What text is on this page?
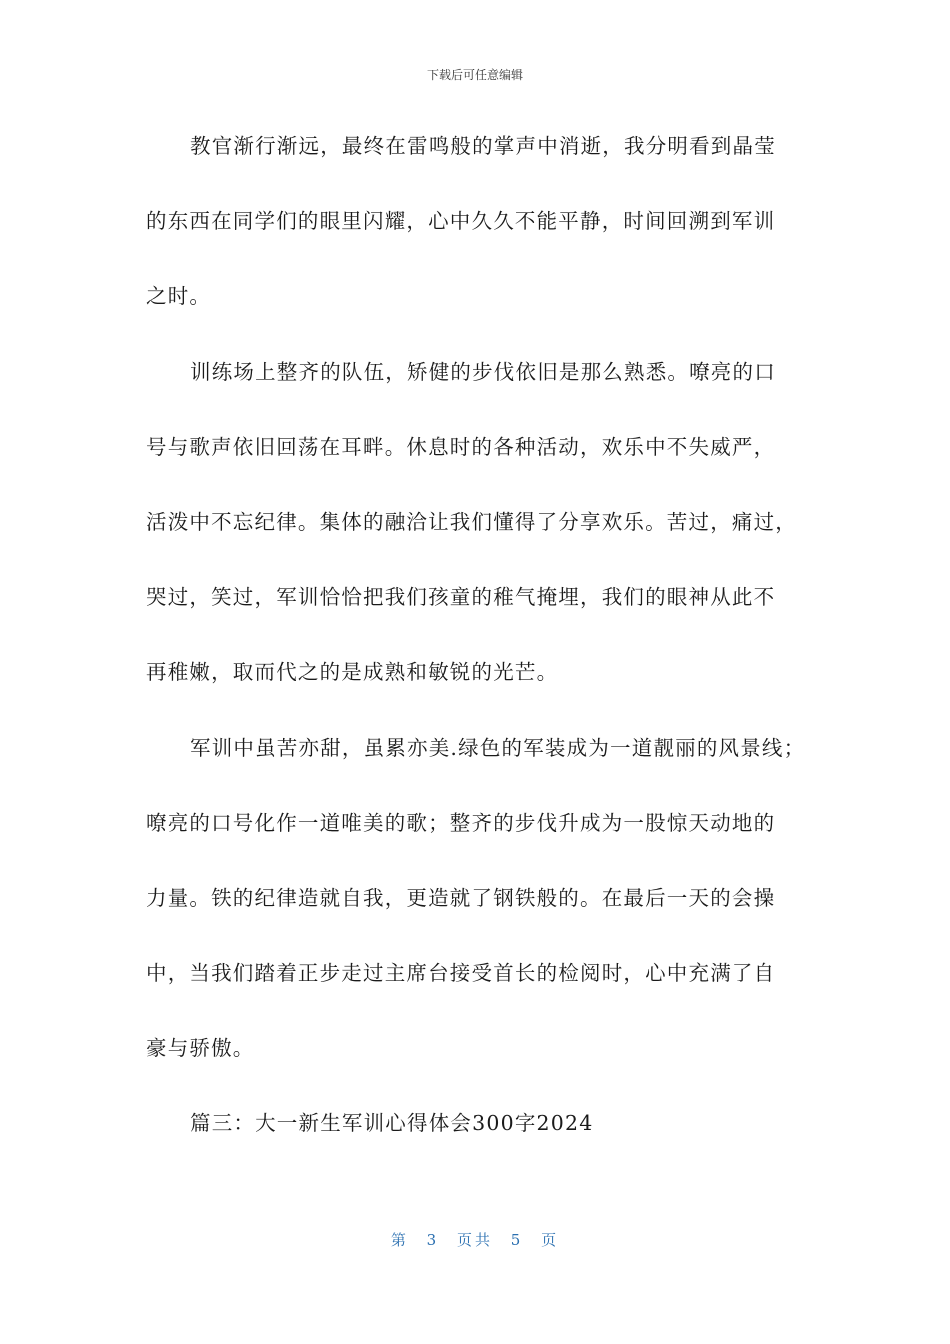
下载后可任意编辑
教官渐行渐远，最终在雷鸣般的掌声中消逝，我分明看到晶莹
的东西在同学们的眼里闪耀，心中久久不能平静，时间回溯到军训
之时。
训练场上整齐的队伍，矫健的步伐依旧是那么熟悉。嘹亮的口
号与歌声依旧回荡在耳畔。休息时的各种活动，欢乐中不失威严，
活泼中不忘纪律。集体的融洽让我们懂得了分享欢乐。苦过，痛过，
哭过，笑过，军训恰恰把我们孩童的稚气掩埋，我们的眼神从此不
再稚嫩，取而代之的是成熟和敏锐的光芒。
军训中虽苦亦甜，虽累亦美.绿色的军装成为一道靓丽的风景线；
嘹亮的口号化作一道唯美的歌；整齐的步伐升成为一股惊天动地的
力量。铁的纪律造就自我，更造就了钢铁般的。在最后一天的会操
中，当我们踏着正步走过主席台接受首长的检阅时，心中充满了自
豪与骄傲。
篇三：大一新生军训心得体会300字2024
第 3 页共 5 页
